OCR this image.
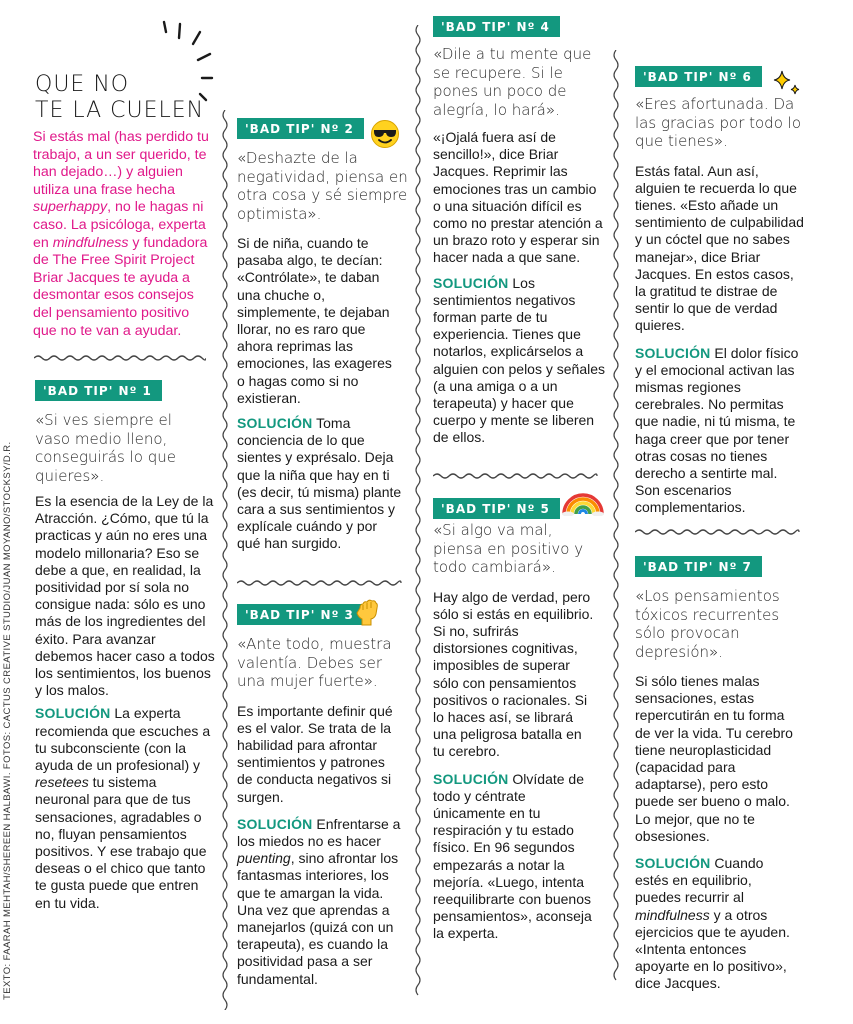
QUE NO
TE LA CUELEN
Si estás mal (has perdido tu trabajo, a un ser querido, te han dejado…) y alguien utiliza una frase hecha superhappy, no le hagas ni caso. La psicóloga, experta en mindfulness y fundadora de The Free Spirit Project Briar Jacques te ayuda a desmontar esos consejos del pensamiento positivo que no te van a ayudar.
TEXTO: FAARAH MEHTAH/SHEREEN HALBAWI. FOTOS: CACTUS CREATIVE STUDIO/JUAN MOYANO/STOCKSY/D.R.
'BAD TIP' Nº 1
«Si ves siempre el vaso medio lleno, conseguirás lo que quieres».
Es la esencia de la Ley de la Atracción. ¿Cómo, que tú la practicas y aún no eres una modelo millonaria? Eso se debe a que, en realidad, la positividad por sí sola no consigue nada: sólo es uno más de los ingredientes del éxito. Para avanzar debemos hacer caso a todos los sentimientos, los buenos y los malos.
SOLUCIÓN La experta recomienda que escuches a tu subconsciente (con la ayuda de un profesional) y resetees tu sistema neuronal para que de tus sensaciones, agradables o no, fluyan pensamientos positivos. Y ese trabajo que deseas o el chico que tanto te gusta puede que entren en tu vida.
'BAD TIP' Nº 2
«Deshazte de la negatividad, piensa en otra cosa y sé siempre optimista».
Si de niña, cuando te pasaba algo, te decían: «Contrólate», te daban una chuche o, simplemente, te dejaban llorar, no es raro que ahora reprimas las emociones, las exageres o hagas como si no existieran.
SOLUCIÓN Toma conciencia de lo que sientes y exprésalo. Deja que la niña que hay en ti (es decir, tú misma) plante cara a sus sentimientos y explícale cuándo y por qué han surgido.
'BAD TIP' Nº 3
«Ante todo, muestra valentía. Debes ser una mujer fuerte».
Es importante definir qué es el valor. Se trata de la habilidad para afrontar sentimientos y patrones de conducta negativos si surgen.
SOLUCIÓN Enfrentarse a los miedos no es hacer puenting, sino afrontar los fantasmas interiores, los que te amargan la vida. Una vez que aprendas a manejarlos (quizá con un terapeuta), es cuando la positividad pasa a ser fundamental.
'BAD TIP' Nº 4
«Dile a tu mente que se recupere. Si le pones un poco de alegría, lo hará».
«¡Ojalá fuera así de sencillo!», dice Briar Jacques. Reprimir las emociones tras un cambio o una situación difícil es como no prestar atención a un brazo roto y esperar sin hacer nada a que sane.
SOLUCIÓN Los sentimientos negativos forman parte de tu experiencia. Tienes que notarlos, explicárselos a alguien con pelos y señales (a una amiga o a un terapeuta) y hacer que cuerpo y mente se liberen de ellos.
'BAD TIP' Nº 5
«Si algo va mal, piensa en positivo y todo cambiará».
Hay algo de verdad, pero sólo si estás en equilibrio. Si no, sufrirás distorsiones cognitivas, imposibles de superar sólo con pensamientos positivos o racionales. Si lo haces así, se librará una peligrosa batalla en tu cerebro.
SOLUCIÓN Olvídate de todo y céntrate únicamente en tu respiración y tu estado físico. En 96 segundos empezarás a notar la mejoría. «Luego, intenta reequilibrarte con buenos pensamientos», aconseja la experta.
'BAD TIP' Nº 6
«Eres afortunada. Da las gracias por todo lo que tienes».
Estás fatal. Aun así, alguien te recuerda lo que tienes. «Esto añade un sentimiento de culpabilidad y un cóctel que no sabes manejar», dice Briar Jacques. En estos casos, la gratitud te distrae de sentir lo que de verdad quieres.
SOLUCIÓN El dolor físico y el emocional activan las mismas regiones cerebrales. No permitas que nadie, ni tú misma, te haga creer que por tener otras cosas no tienes derecho a sentirte mal. Son escenarios complementarios.
'BAD TIP' Nº 7
«Los pensamientos tóxicos recurrentes sólo provocan depresión».
Si sólo tienes malas sensaciones, estas repercutirán en tu forma de ver la vida. Tu cerebro tiene neuroplasticidad (capacidad para adaptarse), pero esto puede ser bueno o malo. Lo mejor, que no te obsesiones.
SOLUCIÓN Cuando estés en equilibrio, puedes recurrir al mindfulness y a otros ejercicios que te ayuden. «Intenta entonces apoyarte en lo positivo», dice Jacques.
